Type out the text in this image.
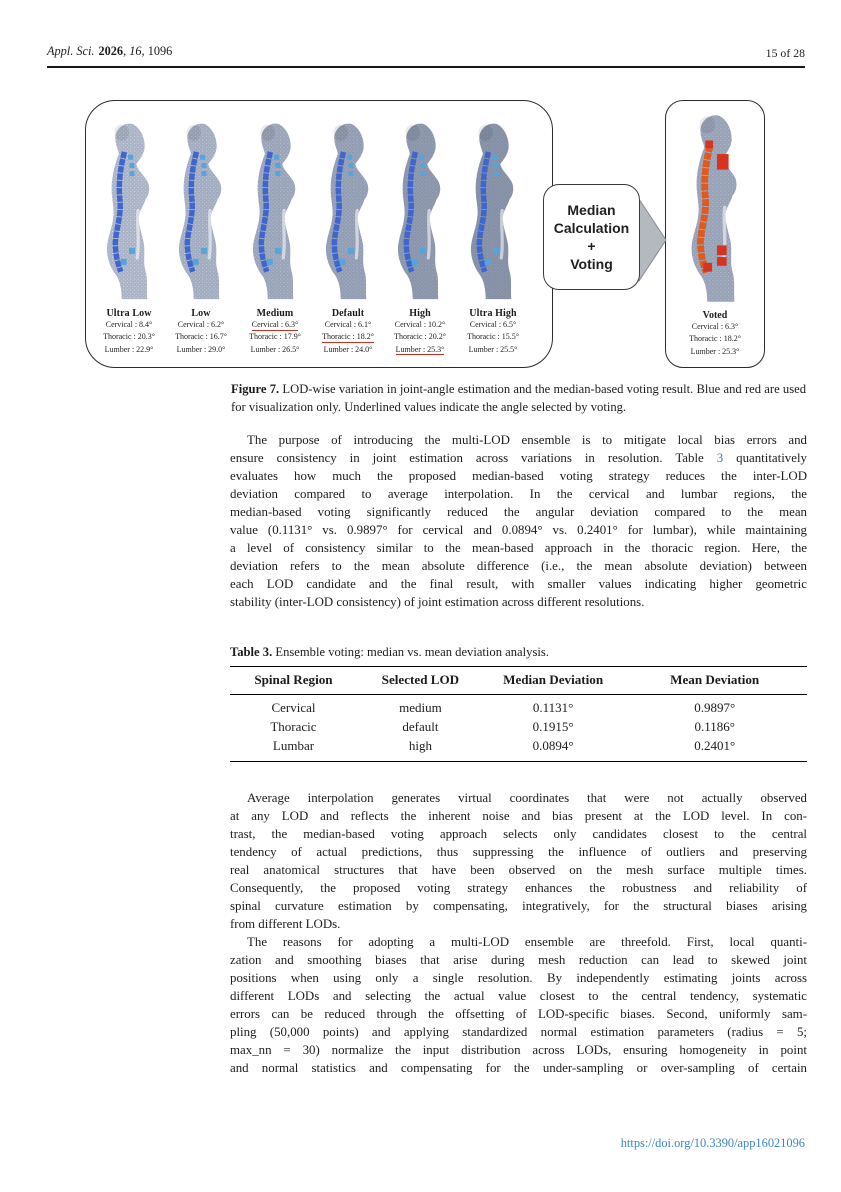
Appl. Sci. 2026, 16, 1096	15 of 28
Ultra Low
Cervical : 8.4°
Thoracic : 20.3°
Lumber : 22.9°
Low
Cervical : 6.2°
Thoracic : 16.7°
Lumber : 29.0°
Medium
Cervical : 6.3°
Thoracic : 17.9°
Lumber : 26.5°
Default
Cervical : 6.1°
Thoracic : 18.2°
Lumber : 24.0°
High
Cervical : 10.2°
Thoracic : 20.2°
Lumber : 25.3°
Ultra High
Cervical : 6.5°
Thoracic : 15.5°
Lumber : 25.5°
Median
Calculation
+
Voting
Voted
Cervical : 6.3°
Thoracic : 18.2°
Lumber : 25.3°
Figure 7. LOD-wise variation in joint-angle estimation and the median-based voting result. Blue and red are used for visualization only. Underlined values indicate the angle selected by voting.
The purpose of introducing the multi-LOD ensemble is to mitigate local bias errors and
ensure consistency in joint estimation across variations in resolution. Table 3 quantitatively
evaluates how much the proposed median-based voting strategy reduces the inter-LOD
deviation compared to average interpolation. In the cervical and lumbar regions, the
median-based voting significantly reduced the angular deviation compared to the mean
value (0.1131° vs. 0.9897° for cervical and 0.0894° vs. 0.2401° for lumbar), while maintaining
a level of consistency similar to the mean-based approach in the thoracic region. Here, the
deviation refers to the mean absolute difference (i.e., the mean absolute deviation) between
each LOD candidate and the final result, with smaller values indicating higher geometric
stability (inter-LOD consistency) of joint estimation across different resolutions.
Table 3. Ensemble voting: median vs. mean deviation analysis.
Spinal Region	Selected LOD	Median Deviation	Mean Deviation
Cervical	medium	0.1131°	0.9897°
Thoracic	default	0.1915°	0.1186°
Lumbar	high	0.0894°	0.2401°
Average interpolation generates virtual coordinates that were not actually observed
at any LOD and reflects the inherent noise and bias present at the LOD level. In con-
trast, the median-based voting approach selects only candidates closest to the central
tendency of actual predictions, thus suppressing the influence of outliers and preserving
real anatomical structures that have been observed on the mesh surface multiple times.
Consequently, the proposed voting strategy enhances the robustness and reliability of
spinal curvature estimation by compensating, integratively, for the structural biases arising
from different LODs.
The reasons for adopting a multi-LOD ensemble are threefold. First, local quanti-
zation and smoothing biases that arise during mesh reduction can lead to skewed joint
positions when using only a single resolution. By independently estimating joints across
different LODs and selecting the actual value closest to the central tendency, systematic
errors can be reduced through the offsetting of LOD-specific biases. Second, uniformly sam-
pling (50,000 points) and applying standardized normal estimation parameters (radius = 5;
max_nn = 30) normalize the input distribution across LODs, ensuring homogeneity in point
and normal statistics and compensating for the under-sampling or over-sampling of certain
https://doi.org/10.3390/app16021096
